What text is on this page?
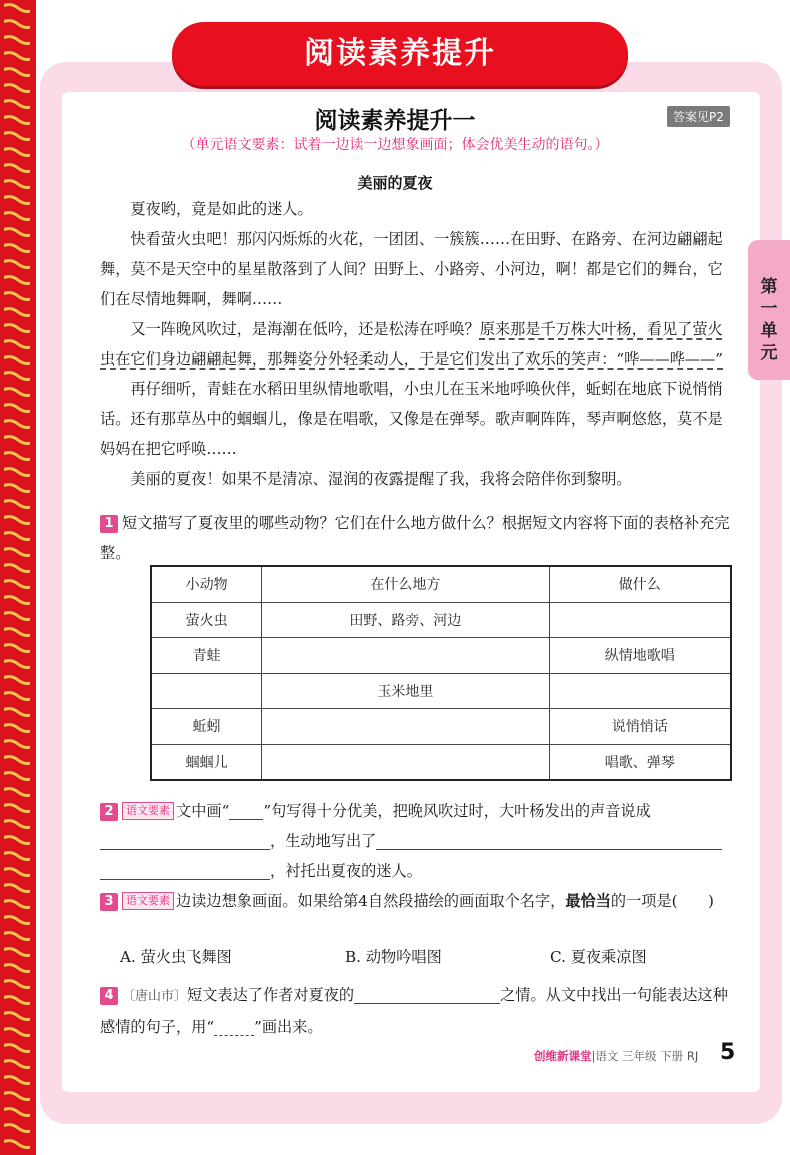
阅读素养提升
第一单元
阅读素养提升一	答案见P2
（单元语文要素：试着一边读一边想象画面；体会优美生动的语句。）
美丽的夏夜

夏夜哟，竟是如此的迷人。

快看萤火虫吧！那闪闪烁烁的火花，一团团、一簇簇……在田野、在路旁、在河边翩翩起舞，莫不是天空中的星星散落到了人间？田野上、小路旁、小河边，啊！都是它们的舞台，它们在尽情地舞啊，舞啊……

又一阵晚风吹过，是海潮在低吟，还是松涛在呼唤？原来那是千万株大叶杨，看见了萤火虫在它们身边翩翩起舞，那舞姿分外轻柔动人，于是它们发出了欢乐的笑声：“哗——哗——”

再仔细听，青蛙在水稻田里纵情地歌唱，小虫儿在玉米地呼唤伙伴，蚯蚓在地底下说悄悄话。还有那草丛中的蝈蝈儿，像是在唱歌，又像是在弹琴。歌声啊阵阵，琴声啊悠悠，莫不是妈妈在把它呼唤……

美丽的夏夜！如果不是清凉、湿润的夜露提醒了我，我将会陪伴你到黎明。

1 短文描写了夏夜里的哪些动物？它们在什么地方做什么？根据短文内容将下面的表格补充完整。
小动物	在什么地方	做什么
萤火虫	田野、路旁、河边	
青蛙		纵情地歌唱
	玉米地里	
蚯蚓		说悄悄话
蝈蝈儿		唱歌、弹琴
2 语文要素 文中画“ ”句写得十分优美，把晚风吹过时，大叶杨发出的声音说成
，生动地写出了
，衬托出夏夜的迷人。
3 语文要素 边读边想象画面。如果给第4自然段描绘的画面取个名字，最恰当的一项是(　　)
A. 萤火虫飞舞图	B. 动物吟唱图	C. 夏夜乘凉图
4 〔唐山市〕短文表达了作者对夏夜的	之情。从文中找出一句能表达这种感情的句子，用“	”画出来。
创维新课堂|语文 三年级 下册 RJ 5
